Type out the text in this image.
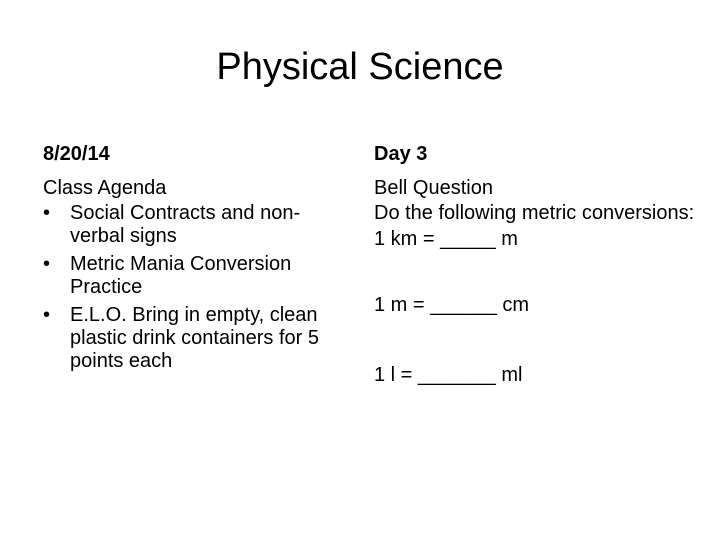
Physical Science
8/20/14
Class Agenda
• Social Contracts and non-verbal signs
• Metric Mania Conversion Practice
• E.L.O. Bring in empty, clean plastic drink containers for 5 points each
Day 3
Bell Question
Do the following metric conversions:
1 km = _____ m
1 m = ______ cm
1 l = _______ ml
